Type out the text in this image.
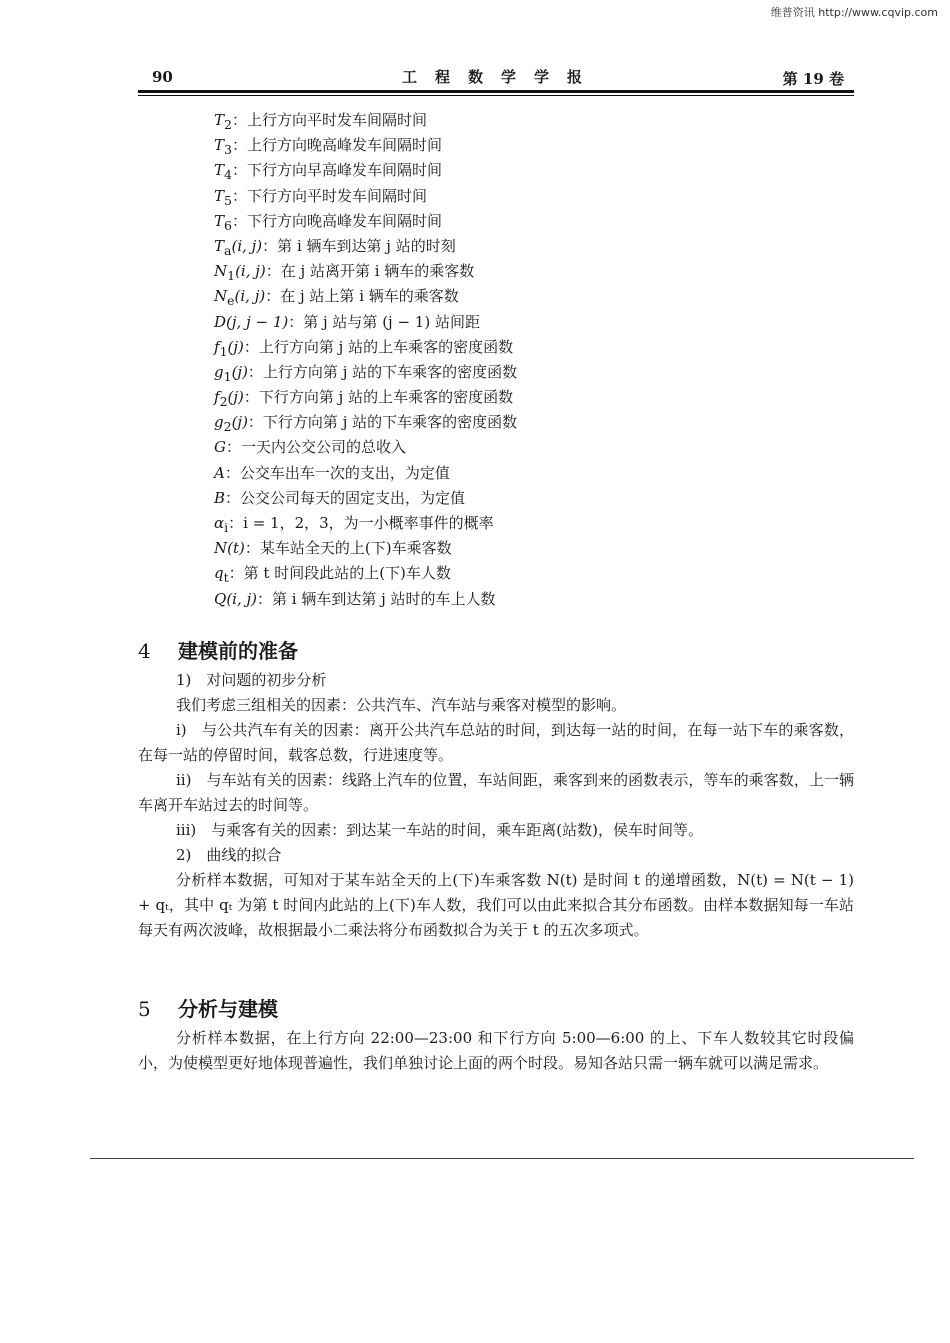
维普资讯 http://www.cqvip.com
90	工程数学学报	第 19 卷
$T_2$：上行方向平时发车间隔时间
$T_3$：上行方向晚高峰发车间隔时间
$T_4$：下行方向早高峰发车间隔时间
$T_5$：下行方向平时发车间隔时间
$T_6$：下行方向晚高峰发车间隔时间
$T_a(i$, j)：第 i 辆车到达第 j 站的时刻
$N_1(i$, j)：在 j 站离开第 i 辆车的乘客数
$N_e(i$, j)：在 j 站上第 i 辆车的乘客数
D(j, j − 1)：第 j 站与第 (j − 1) 站间距
$f_1(j)$：上行方向第 j 站的上车乘客的密度函数
$g_1(j)$：上行方向第 j 站的下车乘客的密度函数
$f_2(j)$：下行方向第 j 站的上车乘客的密度函数
$g_2(j)$：下行方向第 j 站的下车乘客的密度函数
G：一天内公交公司的总收入
A：公交车出车一次的支出，为定值
B：公交公司每天的固定支出，为定值
$\alpha_i$：i = 1，2，3，为一小概率事件的概率
N(t)：某车站全天的上(下)车乘客数
$q_t$：第 t 时间段此站的上(下)车人数
Q(i, j)：第 i 辆车到达第 j 站时的车上人数
4 建模前的准备
1)　对问题的初步分析
我们考虑三组相关的因素：公共汽车、汽车站与乘客对模型的影响。
i)　与公共汽车有关的因素：离开公共汽车总站的时间，到达每一站的时间，在每一站下车的乘客数，在每一站的停留时间，载客总数，行进速度等。
ii)　与车站有关的因素：线路上汽车的位置，车站间距，乘客到来的函数表示，等车的乘客数，上一辆车离开车站过去的时间等。
iii)　与乘客有关的因素：到达某一车站的时间，乘车距离(站数)，侯车时间等。
2)　曲线的拟合
分析样本数据，可知对于某车站全天的上(下)车乘客数 N(t) 是时间 t 的递增函数，N(t) = N(t − 1) + qₜ，其中 qₜ 为第 t 时间内此站的上(下)车人数，我们可以由此来拟合其分布函数。由样本数据知每一车站每天有两次波峰，故根据最小二乘法将分布函数拟合为关于 t 的五次多项式。
5 分析与建模
分析样本数据，在上行方向 22:00—23:00 和下行方向 5:00—6:00 的上、下车人数较其它时段偏小，为使模型更好地体现普遍性，我们单独讨论上面的两个时段。易知各站只需一辆车就可以满足需求。
